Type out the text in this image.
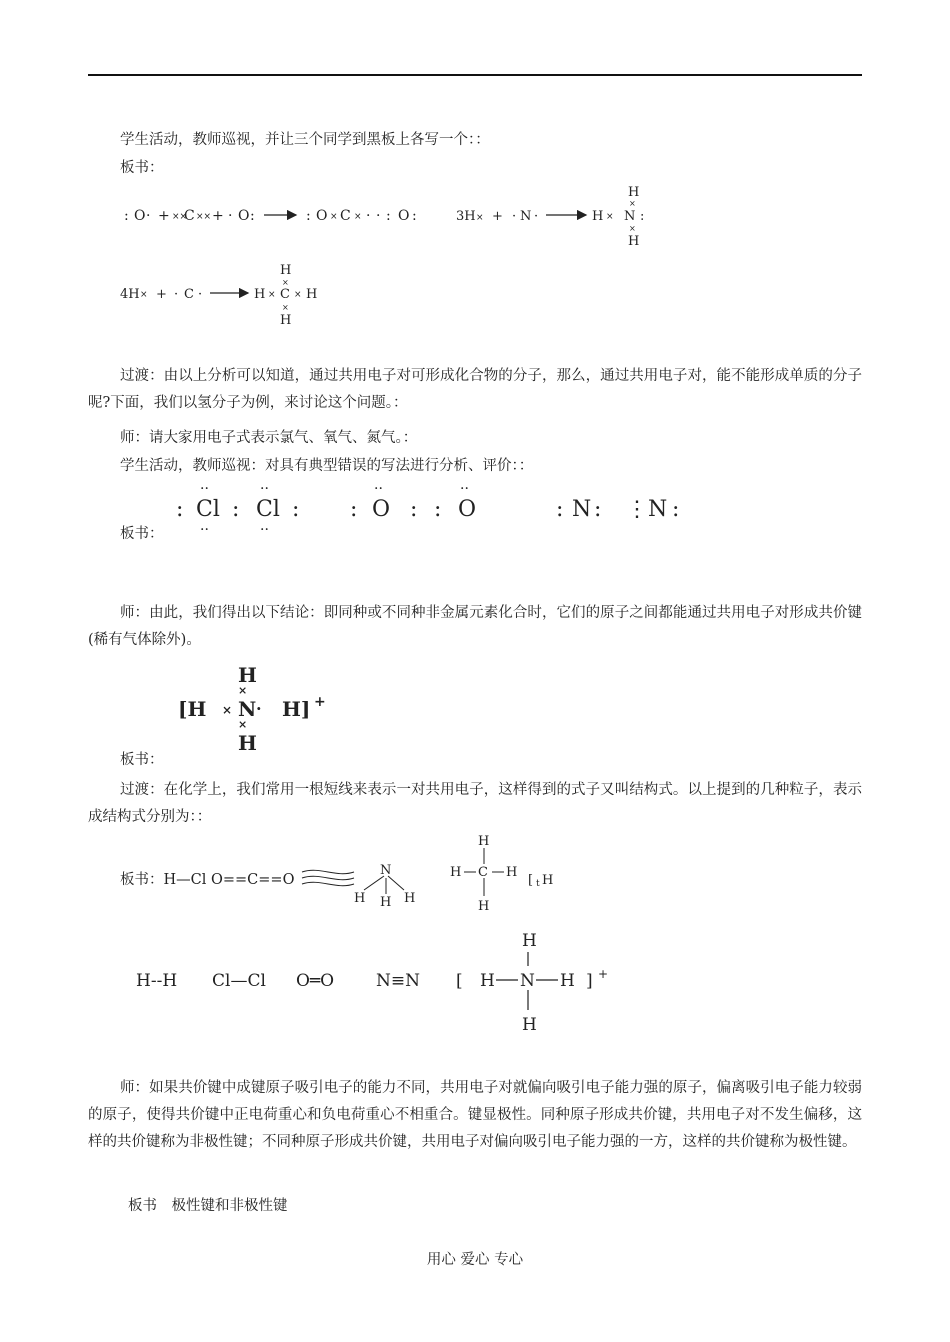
学生活动，教师巡视，并让三个同学到黑板上各写一个：：
板书：
: O · + ××
C ×× + · O :	: O × C × · · : O :	3H × + · N ·	H × N :
H
×
×
H
4H × + · C ·	H × C × H
H
×
×
H
过渡：由以上分析可以知道，通过共用电子对可形成化合物的分子，那么，通过共用电子对，能不能形成单质的分子呢?下面，我们以氢分子为例，来讨论这个问题。：
师：请大家用电子式表示氯气、氧气、氮气。：
学生活动，教师巡视：对具有典型错误的写法进行分析、评价：：
: Cl : Cl :
··
··
··
··
: O
··
: : O
··
: N : ⋮ N :
板书：
师：由此，我们得出以下结论：即同种或不同种非金属元素化合时，它们的原子之间都能通过共用电子对形成共价键(稀有气体除外)。
H
×
[H × N · H] +
×
H
板书：
过渡：在化学上，我们常用一根短线来表示一对共用电子，这样得到的式子又叫结构式。以上提到的几种粒子，表示成结构式分别为：：
板书：H—Cl O==C==O
N
H H H
H C H
H
H
[ t H
H--H Cl—Cl O═O N≡N [ H N H
H
H
] +
师：如果共价键中成键原子吸引电子的能力不同，共用电子对就偏向吸引电子能力强的原子，偏离吸引电子能力较弱的原子，使得共价键中正电荷重心和负电荷重心不相重合。键显极性。同种原子形成共价键，共用电子对不发生偏移，这样的共价键称为非极性键；不同种原子形成共价键，共用电子对偏向吸引电子能力强的一方，这样的共价键称为极性键。
板书　极性键和非极性键
用心 爱心 专心
